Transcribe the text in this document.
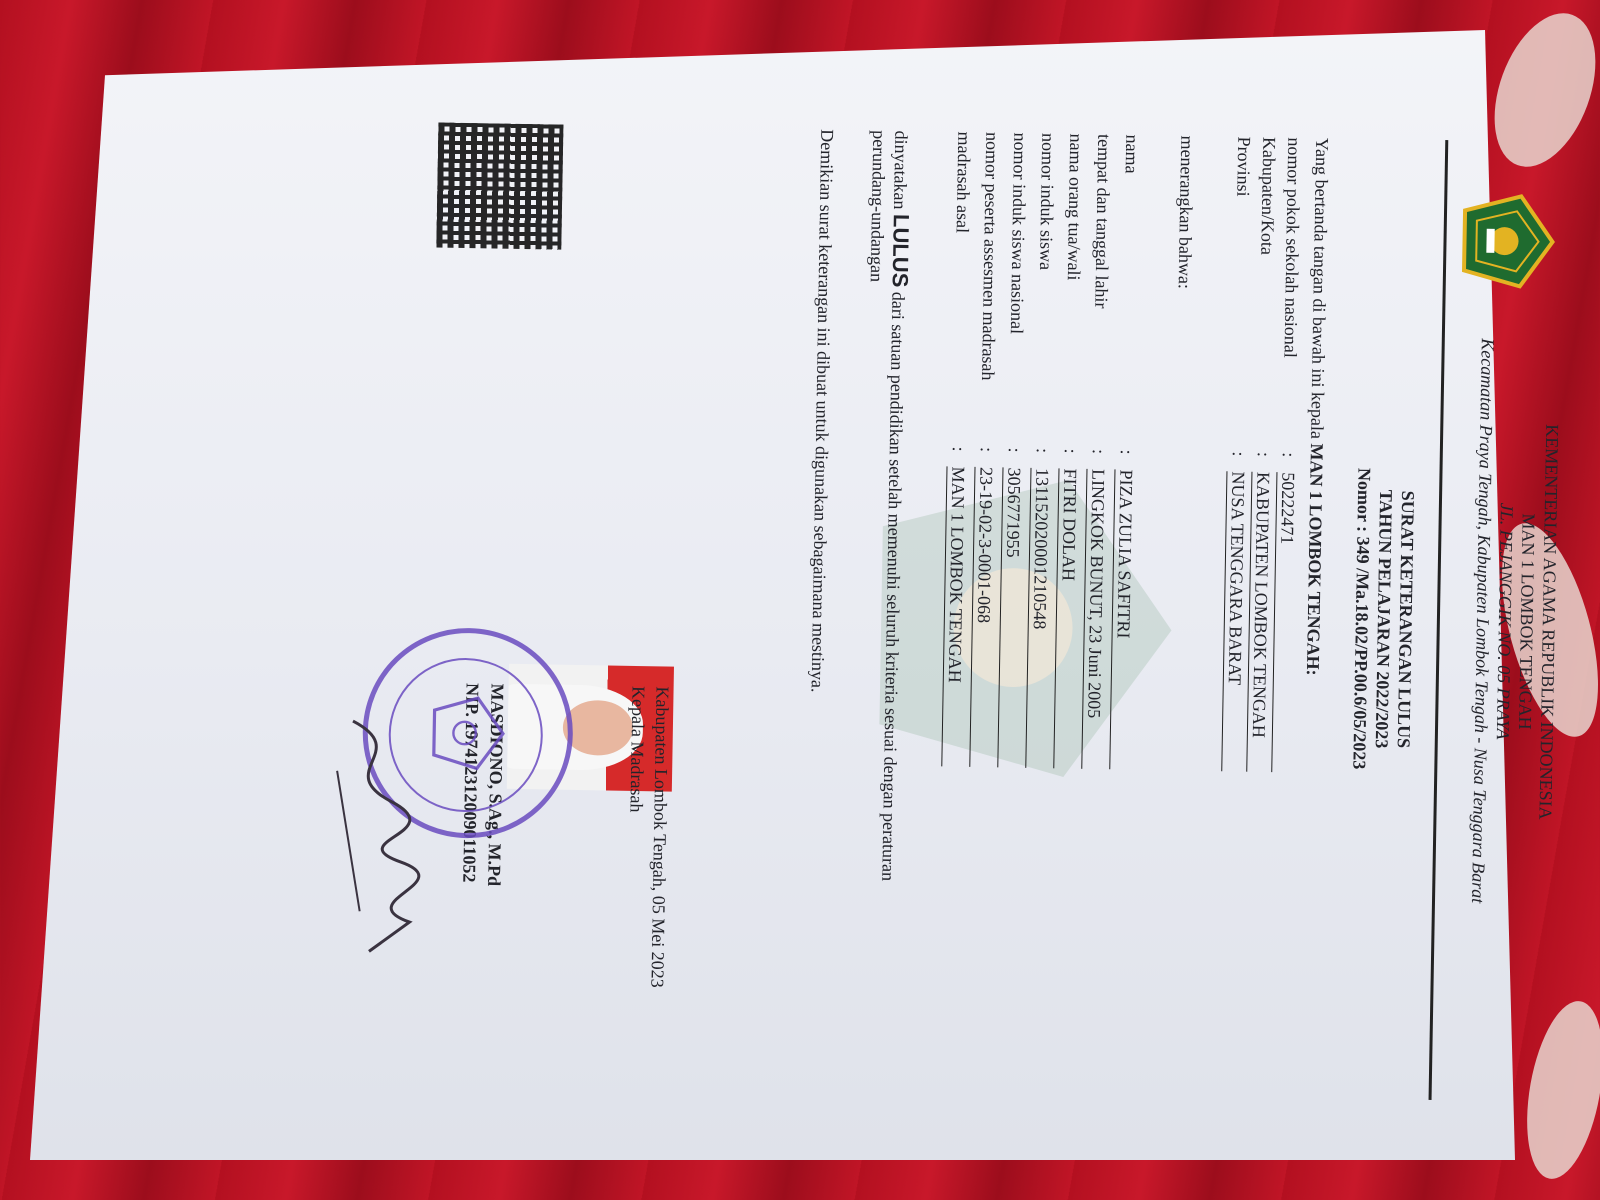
KEMENTERIAN AGAMA REPUBLIK INDONESIA
MAN 1 LOMBOK TENGAH
JL. PEJANGGIK NO. 05 PRAYA
Kecamatan Praya Tengah, Kabupaten Lombok Tengah - Nusa Tenggara Barat
SURAT KETERANGAN LULUS
TAHUN PELAJARAN 2022/2023
Nomor : 349 /Ma.18.02/PP.00.6/05/2023
Yang bertanda tangan di bawah ini kepala MAN 1 LOMBOK TENGAH:
nomor pokok sekolah nasional
:
50222471
Kabupaten/Kota
:
KABUPATEN LOMBOK TENGAH
Provinsi
:
NUSA TENGGARA BARAT
menerangkan bahwa:
nama
:
PIZA ZULIA SAFITRI
tempat dan tanggal lahir
:
LINGKOK BUNUT, 23 Juni 2005
nama orang tua/wali
:
FITRI DOLAH
nomor induk siswa
:
131152020001210548
nomor induk siswa nasional
:
3056771955
nomor peserta assesmen madrasah
:
23-19-02-3-0001-068
madrasah asal
:
MAN 1 LOMBOK TENGAH
dinyatakan LULUS dari satuan pendidikan setelah memenuhi seluruh kriteria sesuai dengan peraturan
perundang-undangan
Demikian surat keterangan ini dibuat untuk digunakan sebagaimana mestinya.
Kabupaten Lombok Tengah, 05 Mei 2023
Kepala Madrasah
MASDIONO, S.Ag., M.Pd
NIP. 197412312009011052
